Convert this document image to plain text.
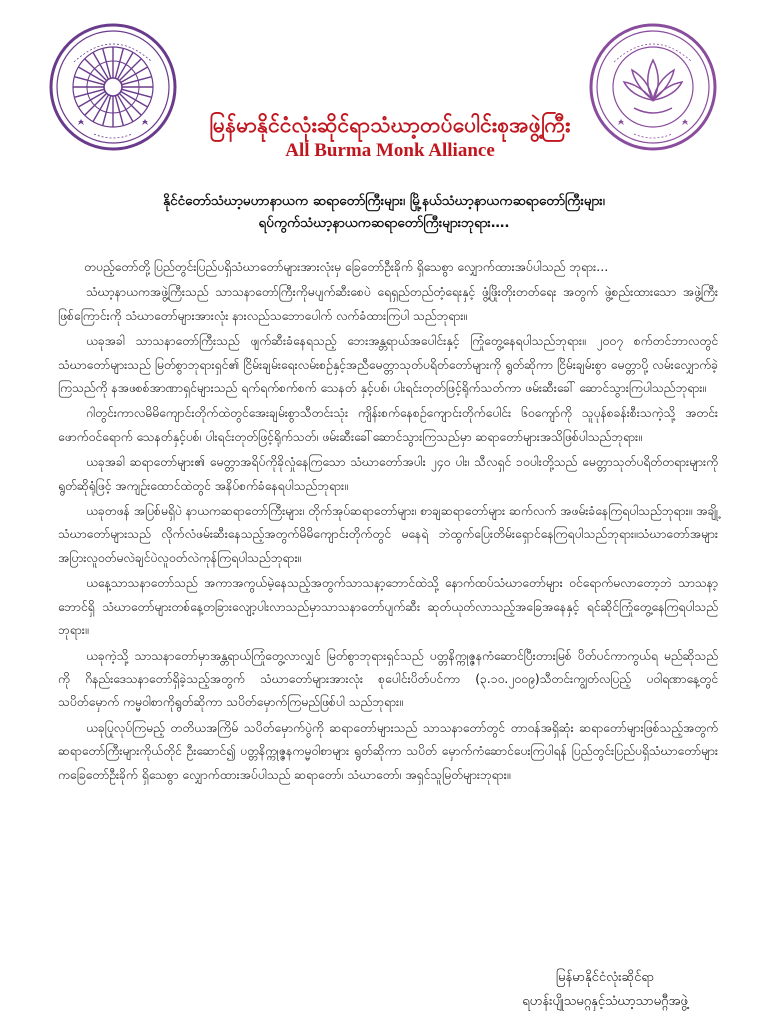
မြန်မာနိုင်ငံလုံးဆိုင်ရာသံဃာ့တပ်ပေါင်းစုအဖွဲ့ကြီး
All Burma Monk Alliance
နိုင်ငံတော်သံဃာ့မဟာနာယက ဆရာတော်ကြီးများ၊ မြို့နယ်သံဃာ့နာယကဆရာတော်ကြီးများ၊
ရပ်ကွက်သံဃာ့နာယကဆရာတော်ကြီးများဘုရား….

တပည့်တော်တို့ ပြည်တွင်းပြည်ပရှိသံဃာတော်များအားလုံးမှ ခြေတော်ဦးခိုက် ရှိသေစွာ လျှောက်ထားအပ်ပါသည် ဘုရား…

သံဃာ့နာယကအဖွဲ့ကြီးသည် သာသနာတော်ကြီးကိုမပျက်ဆီးစေပဲ ရေရှည်တည်တံ့ရေးနှင့် ဖွံ့ဖြိုးတိုးတတ်ရေး အတွက် ဖွဲ့စည်းထားသော အဖွဲ့ကြီးဖြစ်ကြောင်းကို သံဃာတော်များအားလုံး နားလည်သဘောပေါက် လက်ခံထားကြပါ သည်ဘုရား။

ယခုအခါ သာသနာတော်ကြီးသည် ဖျက်ဆီးခံနေရသည့် ဘေးအန္တရာယ်အပေါင်းနှင့် ကြုံတွေ့နေရပါသည်ဘုရား။ ၂၀၀၇ စက်တင်ဘာလတွင် သံဃာတော်များသည် မြတ်စွာဘုရားရှင်၏ ငြိမ်းချမ်းရေးလမ်းစဉ်နှင့်အညီမေတ္တာသုတ်ပရိတ်တော်များကို ရွတ်ဆိုကာ ငြိမ်းချမ်းစွာ မေတ္တာပို့ လမ်းလျှောက်ခဲ့ကြသည်ကို နအဖစစ်အာဏာရှင်များသည် ရက်ရက်စက်စက် သေနတ် နှင့်ပစ်၊ ပါးရင်းတုတ်ဖြင့်ရိုက်သတ်ကာ ဖမ်းဆီးခေါ် ဆောင်သွားကြပါသည်ဘုရား။

ဂါတွင်းကာလမိမိကျောင်းတိုက်ထဲတွင်အေးချမ်းစွာသီတင်းသုံး ကျိန်းစက်နေစဉ်ကျောင်းတိုက်ပေါင်း ၆၀ကျော်ကို သူပုန်စခန်းစီးသကဲ့သို့ အတင်းဖောက်ဝင်ရောက် သေနတ်နှင့်ပစ်၊ ပါးရင်းတုတ်ဖြင့်ရိုက်သတ်၊ ဖမ်းဆီးခေါ်ဆောင်သွားကြသည်မှာ ဆရာတော်များအသိဖြစ်ပါသည်ဘုရား။

ယခုအခါ ဆရာတော်များ၏ မေတ္တာအရိပ်ကိုခိုလှုံနေကြသော သံဃာတော်အပါး ၂၄၀ ပါး၊ သီလရှင် ၁၀ပါးတို့သည် မေတ္တာသုတ်ပရိတ်တရားများကို ရွတ်ဆိုရုံဖြင့် အကျဉ်းထောင်ထဲတွင် အနိပ်စက်ခံနေရပါသည်ဘုရား။

ယခုတဖန် အပြစ်မရှိပဲ နာယကဆရာတော်ကြီးများ၊ တိုက်အုပ်ဆရာတော်များ၊ စာချဆရာတော်များ ဆက်လက် အဖမ်းခံနေကြရပါသည်ဘုရား။ အချို့သံဃာတော်များသည် လိုက်လံဖမ်းဆီးနေသည့်အတွက်မိမိကျောင်းတိုက်တွင် မနေရဲ ဘဲထွက်ပြေးတိမ်းရှောင်နေကြရပါသည်ဘုရား။သံဃာတော်အများအပြားလူဝတ်မလဲချင်ပဲလူဝတ်လဲကုန်ကြရပါသည်ဘုရား။

ယနေ့သာသနာတော်သည် အကာအကွယ်မဲ့နေသည့်အတွက်သာသနာ့ဘောင်ထဲသို့ နောက်ထပ်သံဃာတော်များ ဝင်ရောက်မလာတော့ဘဲ သာသနာ့ဘောင်ရှိ သံဃာတော်များတစ်နေ့တခြားလျော့ပါးလာသည်မှာသာသနာတော်ပျက်ဆီး ဆုတ်ယုတ်လာသည့်အခြေအနေနှင့် ရင်ဆိုင်ကြုံတွေ့နေကြရပါသည်ဘုရား။

ယခုကဲ့သို့ သာသနာတော်မှာအန္တရာယ်ကြုံတွေ့လာလျှင် မြတ်စွာဘုရားရှင်သည် ပတ္တနိက္ကုဇ္ဇနကံဆောင်ပြီးတားမြစ် ပိတ်ပင်ကာကွယ်ရ မည်ဆိုသည်ကို ဂိနည်းဒေသနာတော်ရှိခဲ့သည့်အတွက် သံဃာတော်များအားလုံး စုပေါင်းပိတ်ပင်ကာ (၃.၁၀.၂၀၀၉)သီတင်းကျွတ်လပြည့် ပဝါရဏာနေ့တွင် သပိတ်မှောက် ကမ္မဝါစာကိုရွတ်ဆိုကာ သပိတ်မှောက်ကြမည်ဖြစ်ပါ သည်ဘုရား။

ယခုပြုလုပ်ကြမည့် တတိယအကြိမ် သပိတ်မှောက်ပွဲကို ဆရာတော်များသည် သာသနာတော်တွင် တာဝန်အရှိဆုံး ဆရာတော်များဖြစ်သည့်အတွက် ဆရာတော်ကြီးများကိုယ်တိုင် ဦးဆောင်၍ ပတ္တနိက္ကုဇ္ဇနကမ္မဝါစာများ ရွတ်ဆိုကာ သပိတ် မှောက်ကံဆောင်ပေးကြပါရန် ပြည်တွင်းပြည်ပရှိသံဃာတော်များကခြေတော်ဦးခိုက် ရှိသေစွာ လျှောက်ထားအပ်ပါသည် ဆရာတော်၊ သံဃာတော်၊ အရှင်သူမြတ်များဘုရား။

မြန်မာနိုင်ငံလုံးဆိုင်ရာ
ရဟန်းပျိုသမဂ္ဂနှင့်သံဃာ့သာမဂ္ဂီအဖွဲ့
